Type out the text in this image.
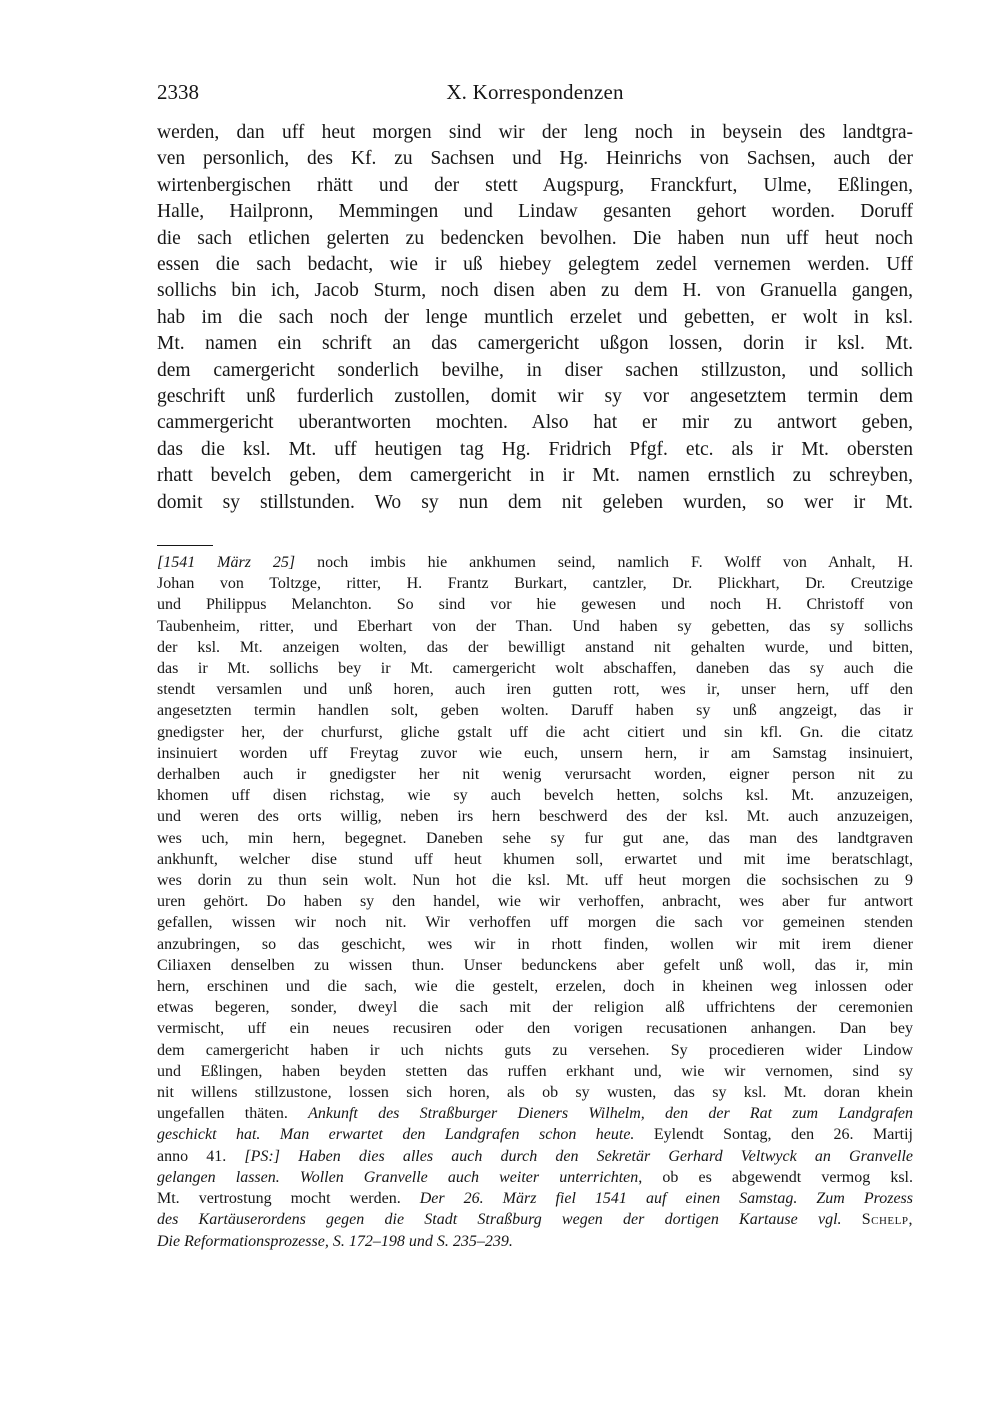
2338	X. Korrespondenzen
werden, dan uff heut morgen sind wir der leng noch in beysein des landtgra-
ven personlich, des Kf. zu Sachsen und Hg. Heinrichs von Sachsen, auch der
wirtenbergischen rhätt und der stett Augspurg, Franckfurt, Ulme, Eßlingen,
Halle, Hailpronn, Memmingen und Lindaw gesanten gehort worden. Doruff
die sach etlichen gelerten zu bedencken bevolhen. Die haben nun uff heut noch
essen die sach bedacht, wie ir uß hiebey gelegtem zedel vernemen werden. Uff
sollichs bin ich, Jacob Sturm, noch disen aben zu dem H. von Granuella gangen,
hab im die sach noch der lenge muntlich erzelet und gebetten, er wolt in ksl.
Mt. namen ein schrift an das camergericht ußgon lossen, dorin ir ksl. Mt.
dem camergericht sonderlich bevilhe, in diser sachen stillzuston, und sollich
geschrift unß furderlich zustollen, domit wir sy vor angesetztem termin dem
cammergericht uberantworten mochten. Also hat er mir zu antwort geben,
das die ksl. Mt. uff heutigen tag Hg. Fridrich Pfgf. etc. als ir Mt. obersten
rhatt bevelch geben, dem camergericht in ir Mt. namen ernstlich zu schreyben,
domit sy stillstunden. Wo sy nun dem nit geleben wurden, so wer ir Mt.
[1541 März 25] noch imbis hie ankhumen seind, namlich F. Wolff von Anhalt, H.
Johan von Toltzge, ritter, H. Frantz Burkart, cantzler, Dr. Plickhart, Dr. Creutzige
und Philippus Melanchton. So sind vor hie gewesen und noch H. Christoff von
Taubenheim, ritter, und Eberhart von der Than. Und haben sy gebetten, das sy sollichs
der ksl. Mt. anzeigen wolten, das der bewilligt anstand nit gehalten wurde, und bitten,
das ir Mt. sollichs bey ir Mt. camergericht wolt abschaffen, daneben das sy auch die
stendt versamlen und unß horen, auch iren gutten rott, wes ir, unser hern, uff den
angesetzten termin handlen solt, geben wolten. Daruff haben sy unß angzeigt, das ir
gnedigster her, der churfurst, gliche gstalt uff die acht citiert und sin kfl. Gn. die citatz
insinuiert worden uff Freytag zuvor wie euch, unsern hern, ir am Samstag insinuiert,
derhalben auch ir gnedigster her nit wenig verursacht worden, eigner person nit zu
khomen uff disen richstag, wie sy auch bevelch hetten, solchs ksl. Mt. anzuzeigen,
und weren des orts willig, neben irs hern beschwerd des der ksl. Mt. auch anzuzeigen,
wes uch, min hern, begegnet. Daneben sehe sy fur gut ane, das man des landtgraven
ankhunft, welcher dise stund uff heut khumen soll, erwartet und mit ime beratschlagt,
wes dorin zu thun sein wolt. Nun hot die ksl. Mt. uff heut morgen die sochsischen zu 9
uren gehört. Do haben sy den handel, wie wir verhoffen, anbracht, wes aber fur antwort
gefallen, wissen wir noch nit. Wir verhoffen uff morgen die sach vor gemeinen stenden
anzubringen, so das geschicht, wes wir in rhott finden, wollen wir mit irem diener
Ciliaxen denselben zu wissen thun. Unser bedunckens aber gefelt unß woll, das ir, min
hern, erschinen und die sach, wie die gestelt, erzelen, doch in kheinen weg inlossen oder
etwas begeren, sonder, dweyl die sach mit der religion alß uffrichtens der ceremonien
vermischt, uff ein neues recusiren oder den vorigen recusationen anhangen. Dan bey
dem camergericht haben ir uch nichts guts zu versehen. Sy procedieren wider Lindow
und Eßlingen, haben beyden stetten das ruffen erkhant und, wie wir vernomen, sind sy
nit willens stillzustone, lossen sich horen, als ob sy wusten, das sy ksl. Mt. doran khein
ungefallen thäten. Ankunft des Straßburger Dieners Wilhelm, den der Rat zum Landgrafen
geschickt hat. Man erwartet den Landgrafen schon heute. Eylendt Sontag, den 26. Martij
anno 41. [PS:] Haben dies alles auch durch den Sekretär Gerhard Veltwyck an Granvelle
gelangen lassen. Wollen Granvelle auch weiter unterrichten, ob es abgewendt vermog ksl.
Mt. vertrostung mocht werden. Der 26. März fiel 1541 auf einen Samstag. Zum Prozess
des Kartäuserordens gegen die Stadt Straßburg wegen der dortigen Kartause vgl. Schelp,
Die Reformationsprozesse, S. 172–198 und S. 235–239.
